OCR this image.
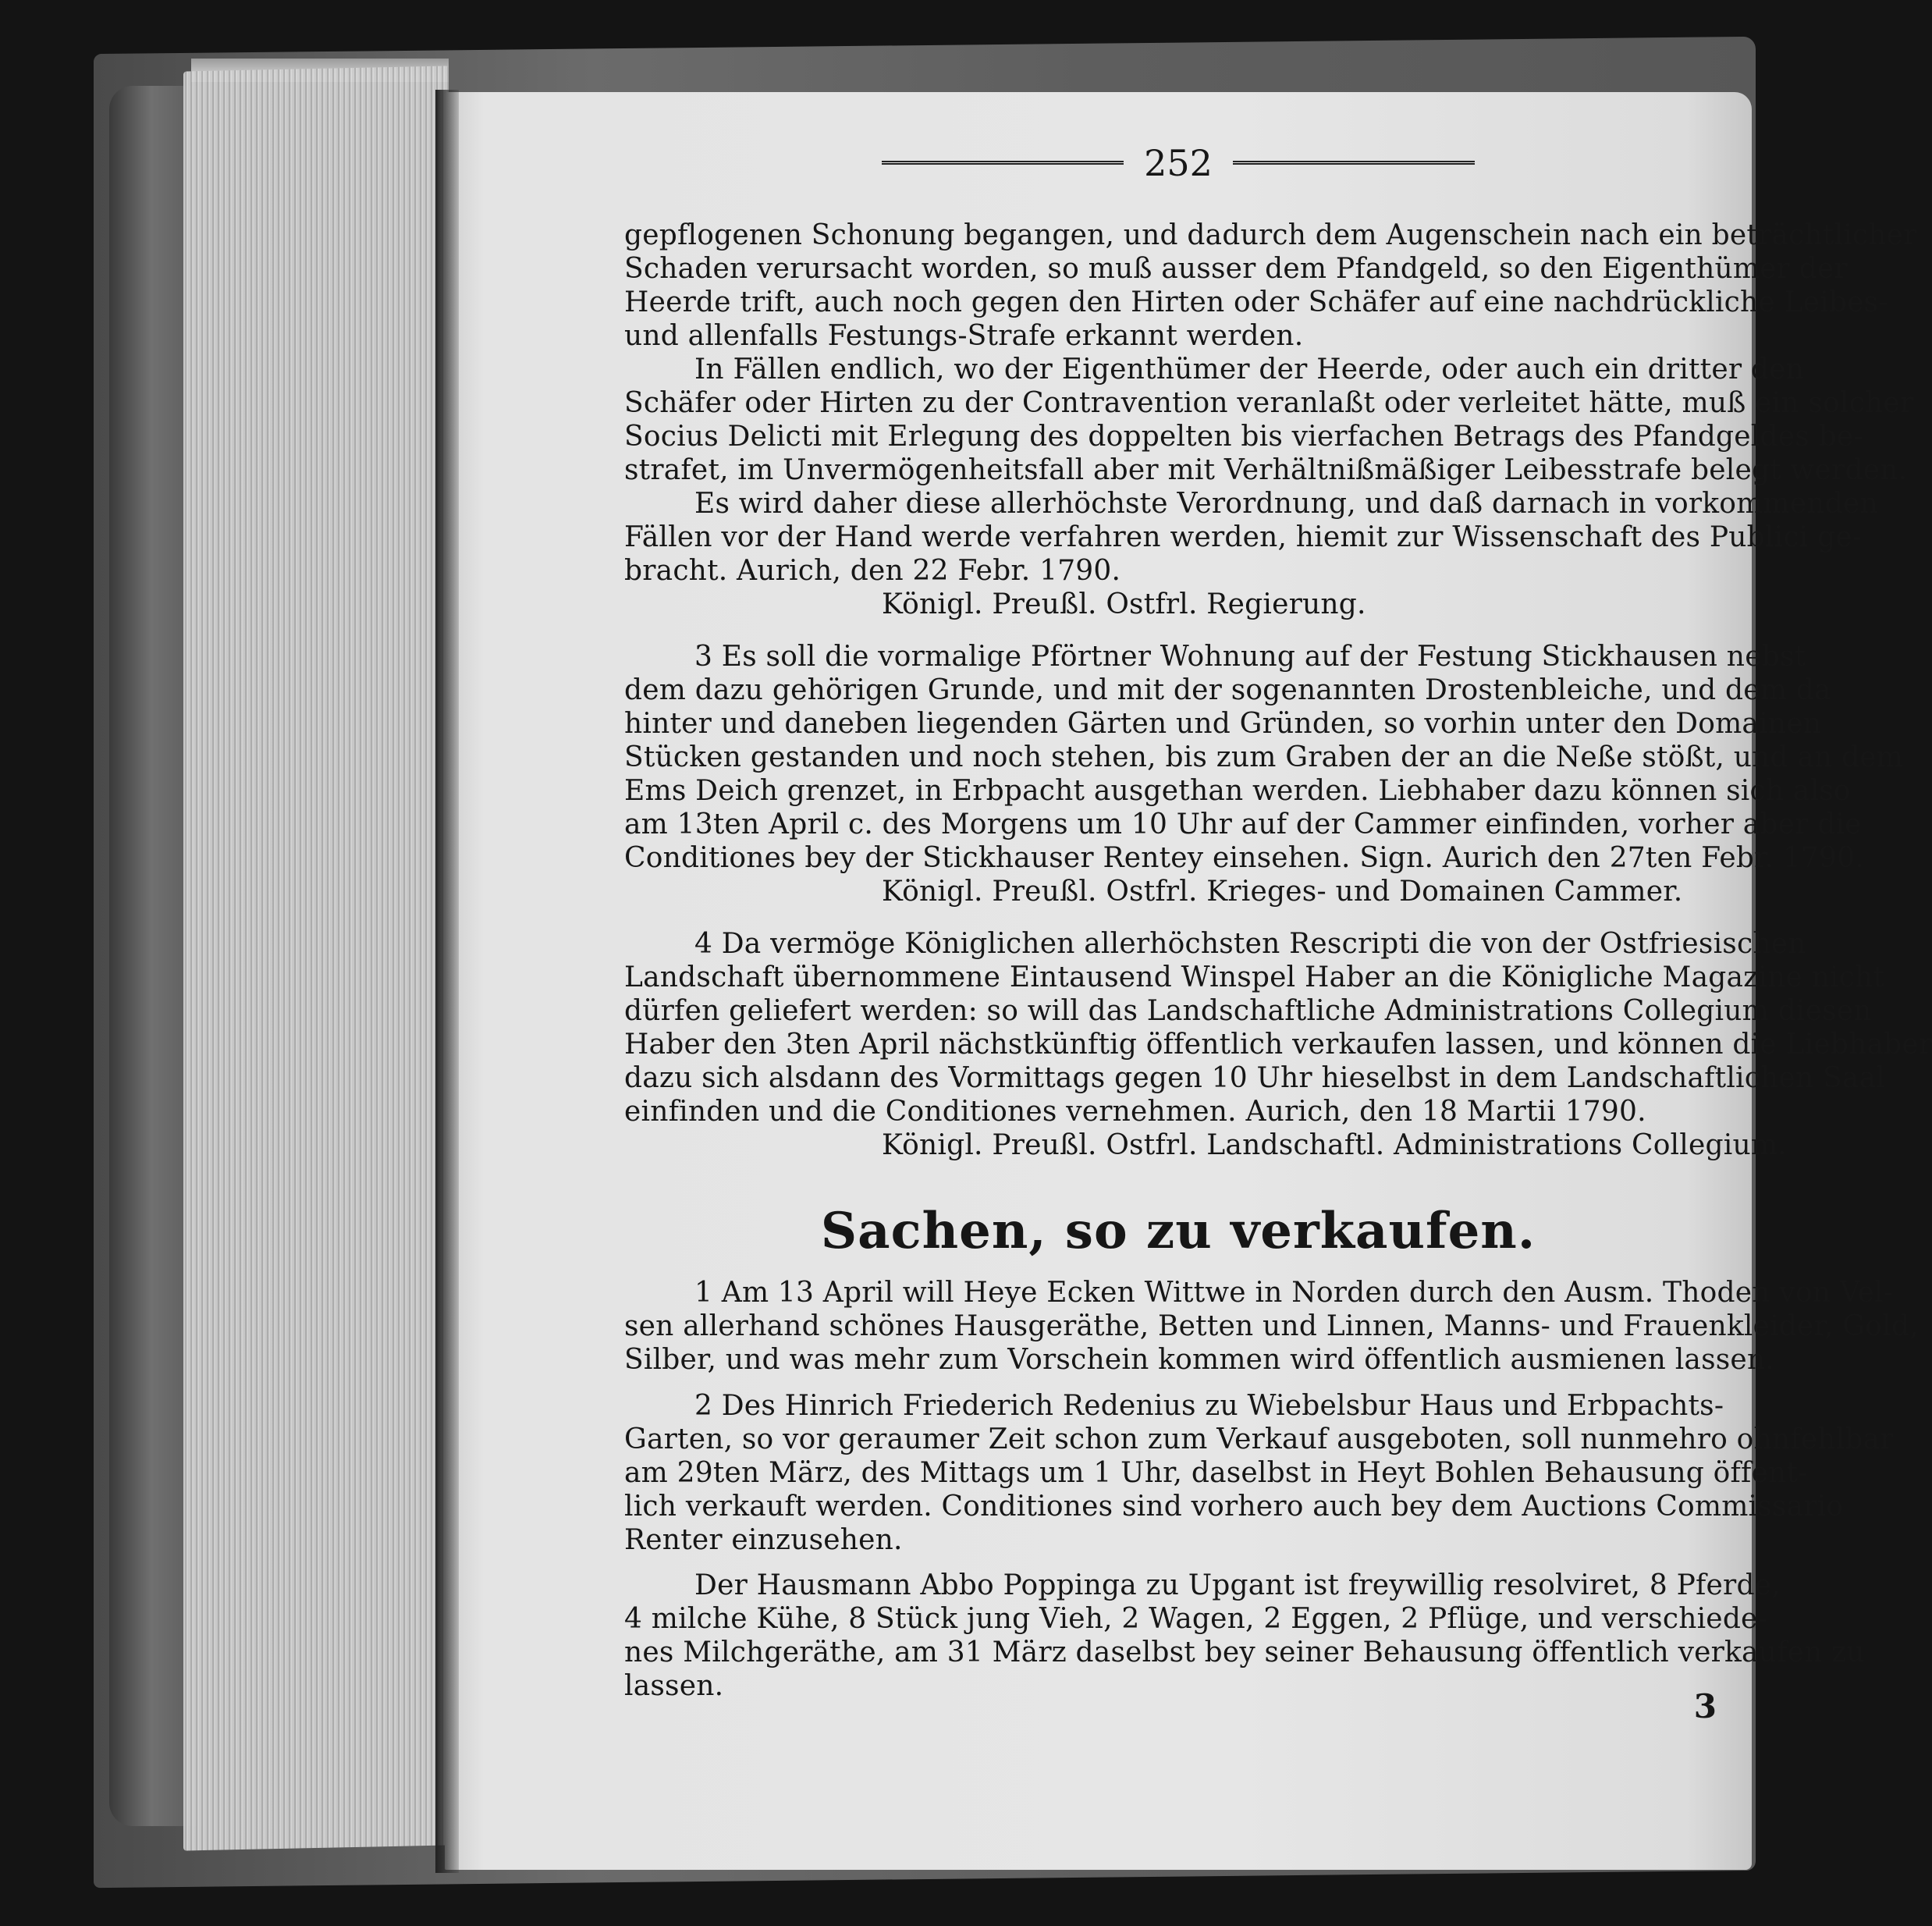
252
gepflogenen Schonung begangen, und dadurch dem Augenschein nach ein beträchtlicher
Schaden verursacht worden, so muß ausser dem Pfandgeld, so den Eigenthümer der
Heerde trift, auch noch gegen den Hirten oder Schäfer auf eine nachdrückliche Leibes-
und allenfalls Festungs-Strafe erkannt werden.
In Fällen endlich, wo der Eigenthümer der Heerde, oder auch ein dritter den
Schäfer oder Hirten zu der Contravention veranlaßt oder verleitet hätte, muß ein solcher
Socius Delicti mit Erlegung des doppelten bis vierfachen Betrags des Pfandgeldes be-
strafet, im Unvermögenheitsfall aber mit Verhältnißmäßiger Leibesstrafe belegt werden.
Es wird daher diese allerhöchste Verordnung, und daß darnach in vorkommenden
Fällen vor der Hand werde verfahren werden, hiemit zur Wissenschaft des Publici ge-
bracht. Aurich, den 22 Febr. 1790.
Königl. Preußl. Ostfrl. Regierung.
3 Es soll die vormalige Pförtner Wohnung auf der Festung Stickhausen nebst
dem dazu gehörigen Grunde, und mit der sogenannten Drostenbleiche, und dem da
hinter und daneben liegenden Gärten und Gründen, so vorhin unter den Domainen
Stücken gestanden und noch stehen, bis zum Graben der an die Neße stößt, und an dem
Ems Deich grenzet, in Erbpacht ausgethan werden. Liebhaber dazu können sich also
am 13ten April c. des Morgens um 10 Uhr auf der Cammer einfinden, vorher aber die
Conditiones bey der Stickhauser Rentey einsehen. Sign. Aurich den 27ten Febr. 1790.
Königl. Preußl. Ostfrl. Krieges- und Domainen Cammer.
4 Da vermöge Königlichen allerhöchsten Rescripti die von der Ostfriesischen
Landschaft übernommene Eintausend Winspel Haber an die Königliche Magazine nicht
dürfen geliefert werden: so will das Landschaftliche Administrations Collegium diesen
Haber den 3ten April nächstkünftig öffentlich verkaufen lassen, und können die Liebhaber
dazu sich alsdann des Vormittags gegen 10 Uhr hieselbst in dem Landschaftlichen Saal
einfinden und die Conditiones vernehmen. Aurich, den 18 Martii 1790.
Königl. Preußl. Ostfrl. Landschaftl. Administrations Collegium.
Sachen, so zu verkaufen.
1 Am 13 April will Heye Ecken Wittwe in Norden durch den Ausm. Thoden von Vel-
sen allerhand schönes Hausgeräthe, Betten und Linnen, Manns- und Frauenkleider, Gold,
Silber, und was mehr zum Vorschein kommen wird öffentlich ausmienen lassen.
2 Des Hinrich Friederich Redenius zu Wiebelsbur Haus und Erbpachts-
Garten, so vor geraumer Zeit schon zum Verkauf ausgeboten, soll nunmehro ohnfehlbar
am 29ten März, des Mittags um 1 Uhr, daselbst in Heyt Bohlen Behausung öffent-
lich verkauft werden. Conditiones sind vorhero auch bey dem Auctions Commissario
Renter einzusehen.
Der Hausmann Abbo Poppinga zu Upgant ist freywillig resolviret, 8 Pferde,
4 milche Kühe, 8 Stück jung Vieh, 2 Wagen, 2 Eggen, 2 Pflüge, und verschiede-
nes Milchgeräthe, am 31 März daselbst bey seiner Behausung öffentlich verkaufen zu
lassen.
3
